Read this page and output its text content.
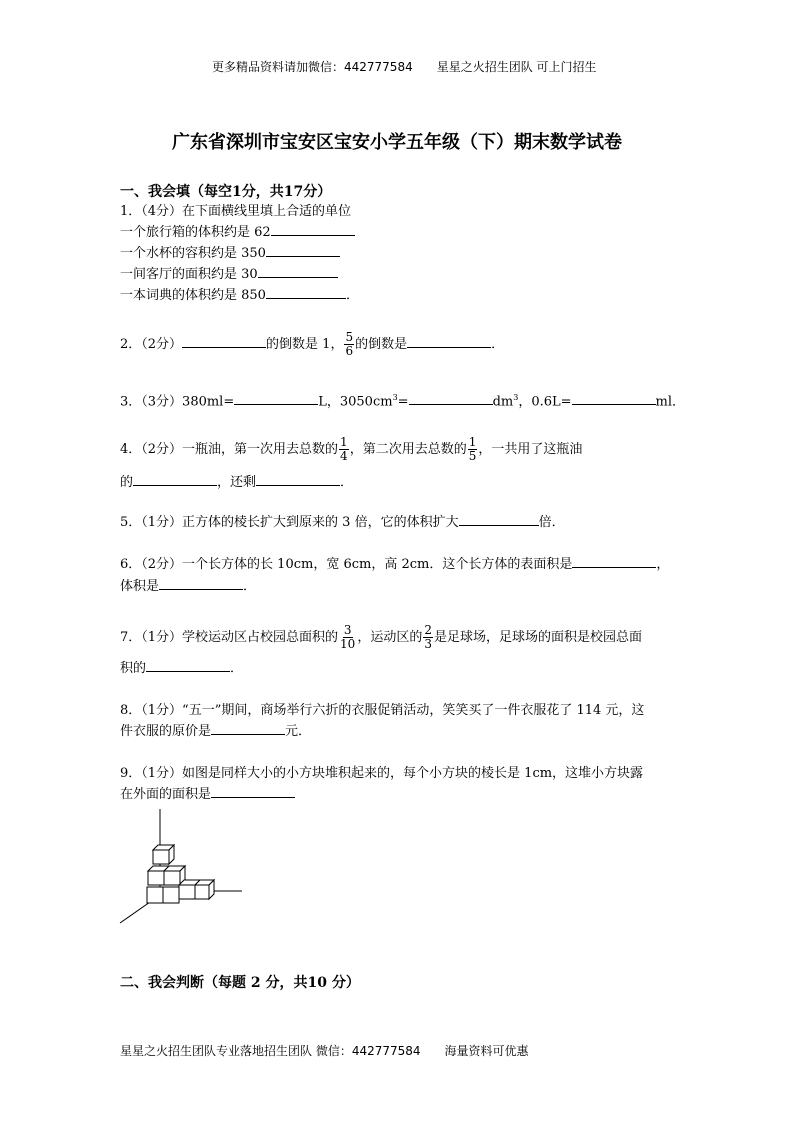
更多精品资料请加微信：442777584　　星星之火招生团队 可上门招生
广东省深圳市宝安区宝安小学五年级（下）期末数学试卷
一、我会填（每空1分，共17分）
1．（4分）在下面横线里填上合适的单位
一个旅行箱的体积约是 62
一个水杯的容积约是 350
一间客厅的面积约是 30
一本词典的体积约是 850	．
2．（2分）	的倒数是 1， $\frac{5}{6}$ 的倒数是	．
3．（3分）380ml=	L，$3050cm^3=$	$dm^3$，0.6L=	ml．
4．（2分）一瓶油，第一次用去总数的 $\frac{1}{4}$ ，第二次用去总数的 $\frac{1}{5}$ ，一共用了这瓶油
的	，还剩	．
5．（1分）正方体的棱长扩大到原来的 3 倍，它的体积扩大	倍．
6．（2分）一个长方体的长 10cm，宽 6cm，高 2cm．这个长方体的表面积是	，
体积是	．
7．（1分）学校运动区占校园总面积的 $\frac{3}{10}$ ，运动区的 $\frac{2}{3}$ 是足球场，足球场的面积是校园总面
积的	．
8．（1分）“五一”期间，商场举行六折的衣服促销活动，笑笑买了一件衣服花了 114 元，这
件衣服的原价是	元．
9．（1分）如图是同样大小的小方块堆积起来的，每个小方块的棱长是 1cm，这堆小方块露
在外面的面积是
二、我会判断（每题 2 分，共10 分）
星星之火招生团队专业落地招生团队 微信：442777584　　海量资料可优惠
